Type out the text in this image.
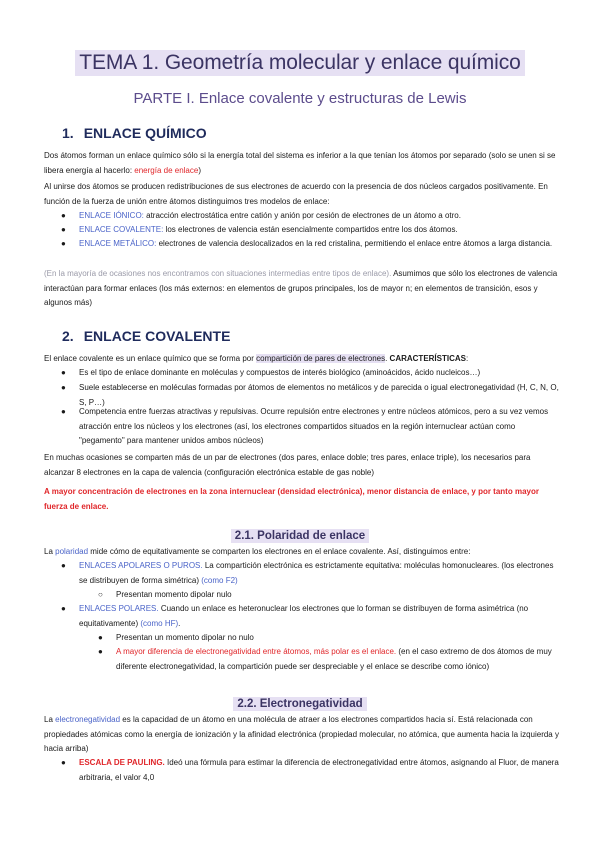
TEMA 1. Geometría molecular y enlace químico
PARTE I. Enlace covalente y estructuras de Lewis
1. ENLACE QUÍMICO
Dos átomos forman un enlace químico sólo si la energía total del sistema es inferior a la que tenían los átomos por separado (solo se unen si se libera energía al hacerlo: energía de enlace)
Al unirse dos átomos se producen redistribuciones de sus electrones de acuerdo con la presencia de dos núcleos cargados positivamente. En función de la fuerza de unión entre átomos distinguimos tres modelos de enlace:
● ENLACE IÓNICO: atracción electrostática entre catión y anión por cesión de electrones de un átomo a otro.
● ENLACE COVALENTE: los electrones de valencia están esencialmente compartidos entre los dos átomos.
● ENLACE METÁLICO: electrones de valencia deslocalizados en la red cristalina, permitiendo el enlace entre átomos a larga distancia.
(En la mayoría de ocasiones nos encontramos con situaciones intermedias entre tipos de enlace). Asumimos que sólo los electrones de valencia interactúan para formar enlaces (los más externos: en elementos de grupos principales, los de mayor n; en elementos de transición, esos y algunos más)
2. ENLACE COVALENTE
El enlace covalente es un enlace químico que se forma por compartición de pares de electrones. CARACTERÍSTICAS:
● Es el tipo de enlace dominante en moléculas y compuestos de interés biológico (aminoácidos, ácido nucleicos…)
● Suele establecerse en moléculas formadas por átomos de elementos no metálicos y de parecida o igual electronegatividad (H, C, N, O, S, P…)
● Competencia entre fuerzas atractivas y repulsivas. Ocurre repulsión entre electrones y entre núcleos atómicos, pero a su vez vemos atracción entre los núcleos y los electrones (así, los electrones compartidos situados en la región internuclear actúan como "pegamento" para mantener unidos ambos núcleos)
En muchas ocasiones se comparten más de un par de electrones (dos pares, enlace doble; tres pares, enlace triple), los necesarios para alcanzar 8 electrones en la capa de valencia (configuración electrónica estable de gas noble)
A mayor concentración de electrones en la zona internuclear (densidad electrónica), menor distancia de enlace, y por tanto mayor fuerza de enlace.
2.1. Polaridad de enlace
La polaridad mide cómo de equitativamente se comparten los electrones en el enlace covalente. Así, distinguimos entre:
● ENLACES APOLARES O PUROS. La compartición electrónica es estrictamente equitativa: moléculas homonucleares. (los electrones se distribuyen de forma simétrica) (como F2)
○ Presentan momento dipolar nulo
● ENLACES POLARES. Cuando un enlace es heteronuclear los electrones que lo forman se distribuyen de forma asimétrica (no equitativamente) (como HF).
● Presentan un momento dipolar no nulo
● A mayor diferencia de electronegatividad entre átomos, más polar es el enlace. (en el caso extremo de dos átomos de muy diferente electronegatividad, la compartición puede ser despreciable y el enlace se describe como iónico)
2.2. Electronegatividad
La electronegatividad es la capacidad de un átomo en una molécula de atraer a los electrones compartidos hacia sí. Está relacionada con propiedades atómicas como la energía de ionización y la afinidad electrónica (propiedad molecular, no atómica, que aumenta hacia la izquierda y hacia arriba)
● ESCALA DE PAULING. Ideó una fórmula para estimar la diferencia de electronegatividad entre átomos, asignando al Fluor, de manera arbitraria, el valor 4,0
